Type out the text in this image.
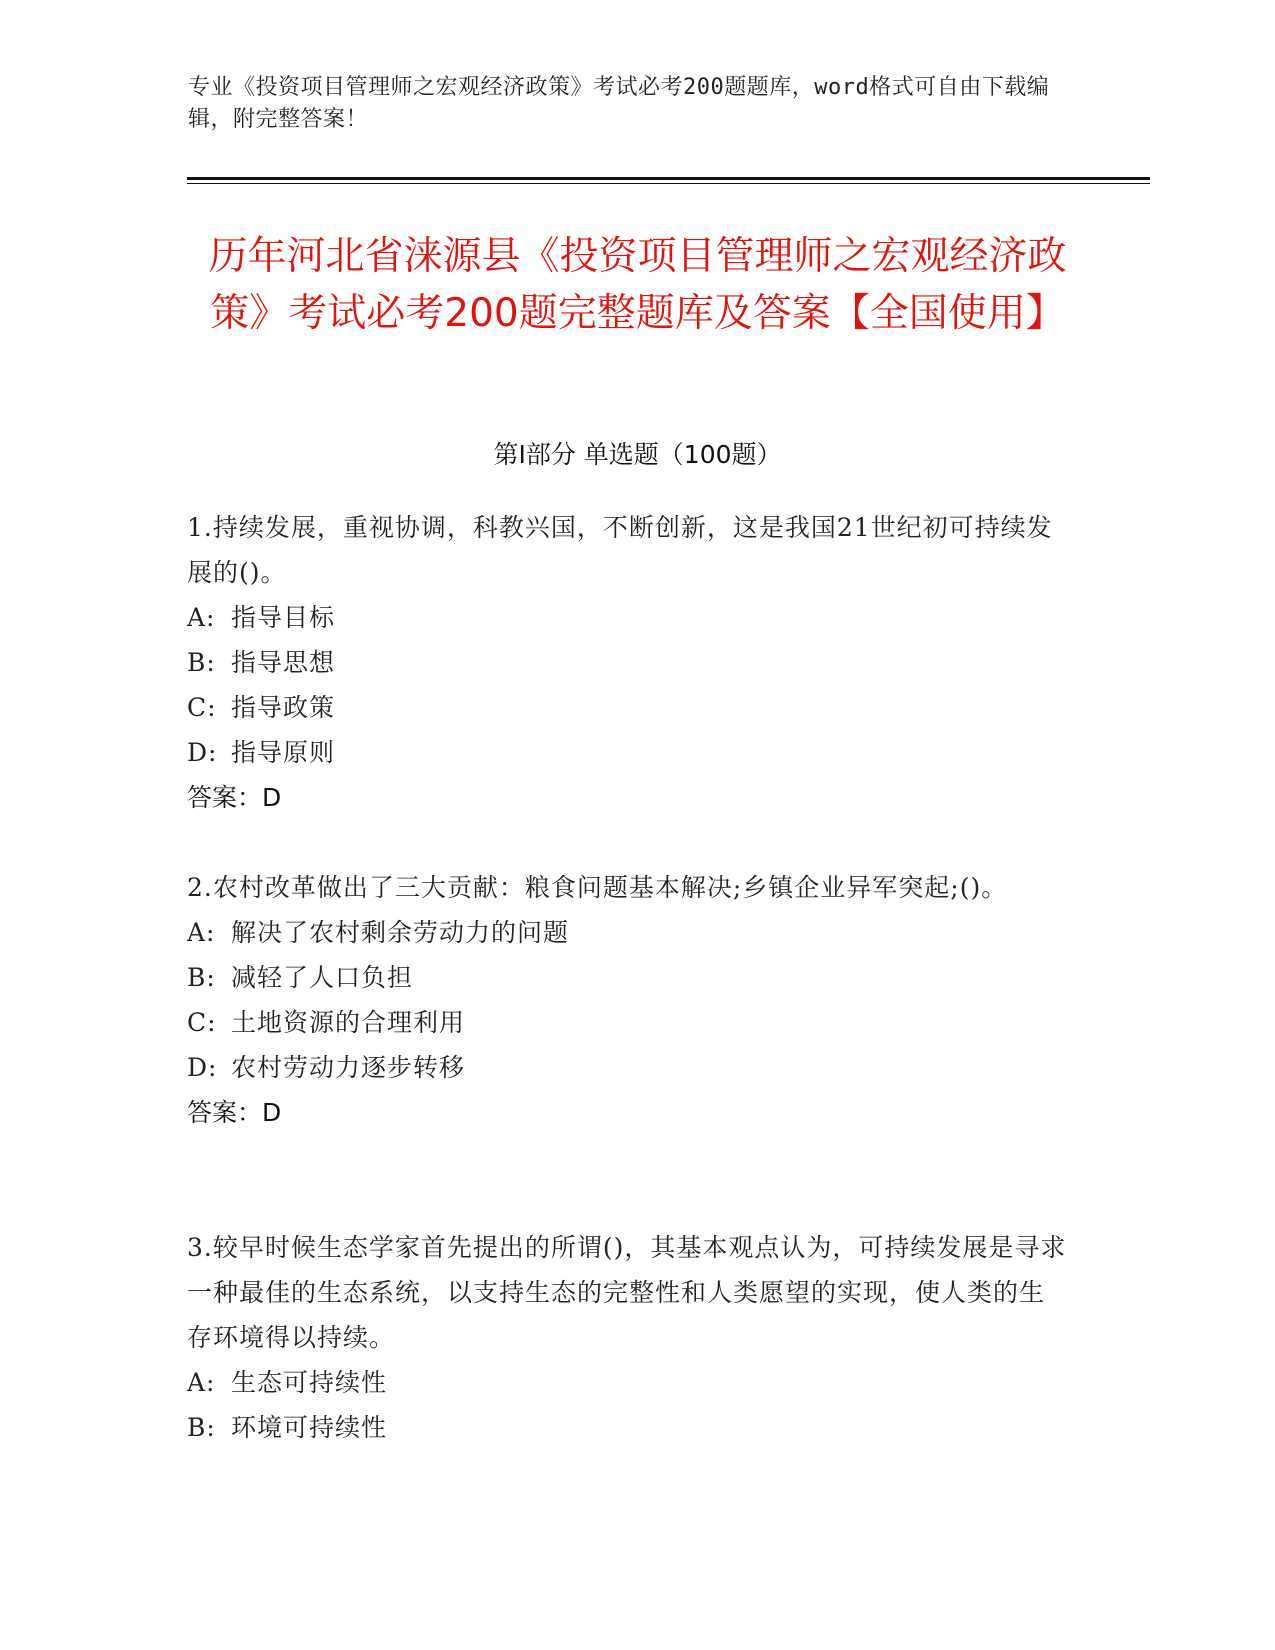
专业《投资项目管理师之宏观经济政策》考试必考200题题库，word格式可自由下载编辑，附完整答案！
历年河北省涞源县《投资项目管理师之宏观经济政策》考试必考200题完整题库及答案【全国使用】
第Ⅰ部分 单选题（100题）

1.持续发展，重视协调，科教兴国，不断创新，这是我国21世纪初可持续发展的()。

A: 指导目标

B: 指导思想

C: 指导政策

D: 指导原则

答案：D

2.农村改革做出了三大贡献：粮食问题基本解决;乡镇企业异军突起;()。

A: 解决了农村剩余劳动力的问题

B: 减轻了人口负担

C: 土地资源的合理利用

D: 农村劳动力逐步转移

答案：D

3.较早时候生态学家首先提出的所谓()，其基本观点认为，可持续发展是寻求一种最佳的生态系统，以支持生态的完整性和人类愿望的实现，使人类的生存环境得以持续。

A: 生态可持续性

B: 环境可持续性
